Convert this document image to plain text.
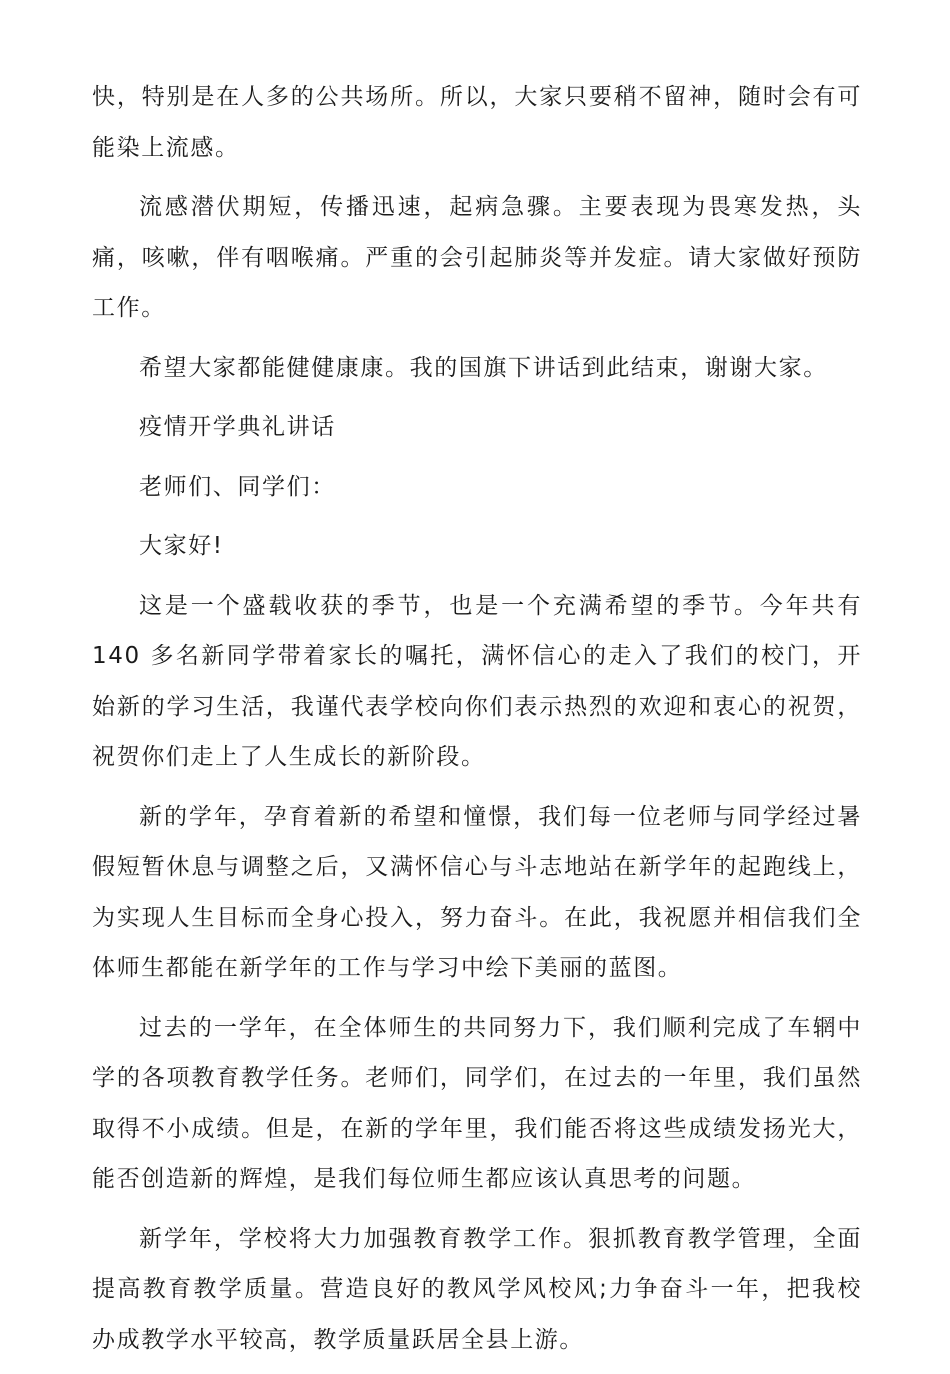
快，特别是在人多的公共场所。所以，大家只要稍不留神，随时会有可能染上流感。

流感潜伏期短，传播迅速，起病急骤。主要表现为畏寒发热，头痛，咳嗽，伴有咽喉痛。严重的会引起肺炎等并发症。请大家做好预防工作。

希望大家都能健健康康。我的国旗下讲话到此结束，谢谢大家。

疫情开学典礼讲话

老师们、同学们：

大家好!

这是一个盛载收获的季节，也是一个充满希望的季节。今年共有 140 多名新同学带着家长的嘱托，满怀信心的走入了我们的校门，开始新的学习生活，我谨代表学校向你们表示热烈的欢迎和衷心的祝贺，祝贺你们走上了人生成长的新阶段。

新的学年，孕育着新的希望和憧憬，我们每一位老师与同学经过暑假短暂休息与调整之后，又满怀信心与斗志地站在新学年的起跑线上，为实现人生目标而全身心投入，努力奋斗。在此，我祝愿并相信我们全体师生都能在新学年的工作与学习中绘下美丽的蓝图。

过去的一学年，在全体师生的共同努力下，我们顺利完成了车辋中学的各项教育教学任务。老师们，同学们，在过去的一年里，我们虽然取得不小成绩。但是，在新的学年里，我们能否将这些成绩发扬光大，能否创造新的辉煌，是我们每位师生都应该认真思考的问题。

新学年，学校将大力加强教育教学工作。狠抓教育教学管理，全面提高教育教学质量。营造良好的教风学风校风;力争奋斗一年，把我校办成教学水平较高，教学质量跃居全县上游。
